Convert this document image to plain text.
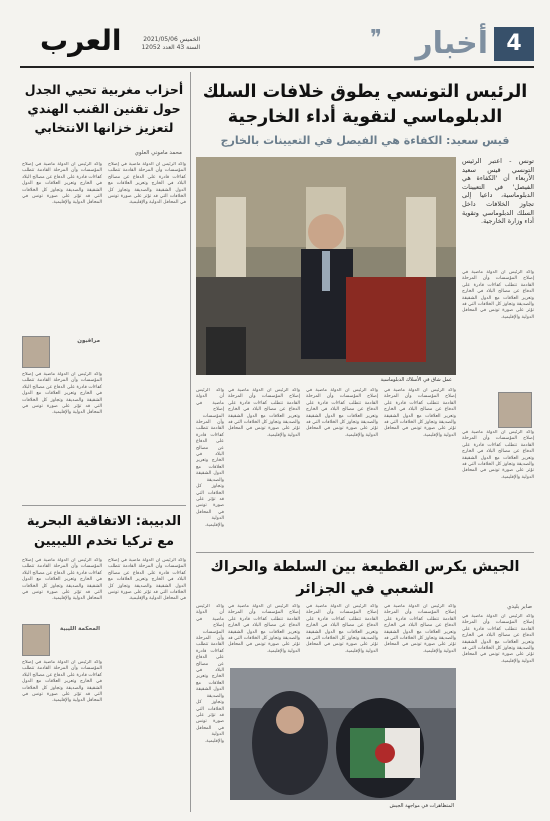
4
أخبار
❞
العرب	الخميس 2021/05/06
السنة 43 العدد 12052
الرئيس التونسي يطوق خلافات السلك
الدبلوماسي لتقوية أداء الخارجية
قيس سعيد: الكفاءة هي الفيصل في التعيينات بالخارج
تونس - اعتبر الرئيس التونسي قيس سعيد الأربعاء أن 'الكفاءة هي الفيصل' في التعيينات الدبلوماسية، داعيا إلى تجاوز الخلافات داخل السلك الدبلوماسي وتقوية أداء وزارة الخارجية.
عمل شاق في الأسلاك الدبلوماسية
وأكد الرئيس أن الدولة ماضية في إصلاح المؤسسات وأن المرحلة القادمة تتطلب كفاءات قادرة على الدفاع عن مصالح البلاد في الخارج وتعزيز العلاقات مع الدول الشقيقة والصديقة وتجاوز كل الخلافات التي قد تؤثر على صورة تونس في المحافل الدولية والإقليمية.
وأكد الرئيس أن الدولة ماضية في إصلاح المؤسسات وأن المرحلة القادمة تتطلب كفاءات قادرة على الدفاع عن مصالح البلاد في الخارج وتعزيز العلاقات مع الدول الشقيقة والصديقة وتجاوز كل الخلافات التي قد تؤثر على صورة تونس في المحافل الدولية والإقليمية.
وأكد الرئيس أن الدولة ماضية في إصلاح المؤسسات وأن المرحلة القادمة تتطلب كفاءات قادرة على الدفاع عن مصالح البلاد في الخارج وتعزيز العلاقات مع الدول الشقيقة والصديقة وتجاوز كل الخلافات التي قد تؤثر على صورة تونس في المحافل الدولية والإقليمية.
وأكد الرئيس أن الدولة ماضية في إصلاح المؤسسات وأن المرحلة القادمة تتطلب كفاءات قادرة على الدفاع عن مصالح البلاد في الخارج وتعزيز العلاقات مع الدول الشقيقة والصديقة وتجاوز كل الخلافات التي قد تؤثر على صورة تونس في المحافل الدولية والإقليمية.
وأكد الرئيس أن الدولة ماضية في إصلاح المؤسسات وأن المرحلة القادمة تتطلب كفاءات قادرة على الدفاع عن مصالح البلاد في الخارج وتعزيز العلاقات مع الدول الشقيقة والصديقة وتجاوز كل الخلافات التي قد تؤثر على صورة تونس في المحافل الدولية والإقليمية.
وأكد الرئيس أن الدولة ماضية في إصلاح المؤسسات وأن المرحلة القادمة تتطلب كفاءات قادرة على الدفاع عن مصالح البلاد في الخارج وتعزيز العلاقات مع الدول الشقيقة والصديقة وتجاوز كل الخلافات التي قد تؤثر على صورة تونس في المحافل الدولية والإقليمية.
أحزاب مغربية تحيي الجدل حول تقنين القنب الهندي لتعزيز خزانها الانتخابي
محمد ماموني العلوي
وأكد الرئيس أن الدولة ماضية في إصلاح المؤسسات وأن المرحلة القادمة تتطلب كفاءات قادرة على الدفاع عن مصالح البلاد في الخارج وتعزيز العلاقات مع الدول الشقيقة والصديقة وتجاوز كل الخلافات التي قد تؤثر على صورة تونس في المحافل الدولية والإقليمية.
وأكد الرئيس أن الدولة ماضية في إصلاح المؤسسات وأن المرحلة القادمة تتطلب كفاءات قادرة على الدفاع عن مصالح البلاد في الخارج وتعزيز العلاقات مع الدول الشقيقة والصديقة وتجاوز كل الخلافات التي قد تؤثر على صورة تونس في المحافل الدولية والإقليمية.
مراقبون
وأكد الرئيس أن الدولة ماضية في إصلاح المؤسسات وأن المرحلة القادمة تتطلب كفاءات قادرة على الدفاع عن مصالح البلاد في الخارج وتعزيز العلاقات مع الدول الشقيقة والصديقة وتجاوز كل الخلافات التي قد تؤثر على صورة تونس في المحافل الدولية والإقليمية.
الدبيبة: الاتفاقية البحرية مع تركيا تخدم الليبيين
وأكد الرئيس أن الدولة ماضية في إصلاح المؤسسات وأن المرحلة القادمة تتطلب كفاءات قادرة على الدفاع عن مصالح البلاد في الخارج وتعزيز العلاقات مع الدول الشقيقة والصديقة وتجاوز كل الخلافات التي قد تؤثر على صورة تونس في المحافل الدولية والإقليمية.
وأكد الرئيس أن الدولة ماضية في إصلاح المؤسسات وأن المرحلة القادمة تتطلب كفاءات قادرة على الدفاع عن مصالح البلاد في الخارج وتعزيز العلاقات مع الدول الشقيقة والصديقة وتجاوز كل الخلافات التي قد تؤثر على صورة تونس في المحافل الدولية والإقليمية.
المحكمة الليبية
وأكد الرئيس أن الدولة ماضية في إصلاح المؤسسات وأن المرحلة القادمة تتطلب كفاءات قادرة على الدفاع عن مصالح البلاد في الخارج وتعزيز العلاقات مع الدول الشقيقة والصديقة وتجاوز كل الخلافات التي قد تؤثر على صورة تونس في المحافل الدولية والإقليمية.
الجيش يكرس القطيعة بين السلطة والحراك
الشعبي في الجزائر
صابر بليدي
وأكد الرئيس أن الدولة ماضية في إصلاح المؤسسات وأن المرحلة القادمة تتطلب كفاءات قادرة على الدفاع عن مصالح البلاد في الخارج وتعزيز العلاقات مع الدول الشقيقة والصديقة وتجاوز كل الخلافات التي قد تؤثر على صورة تونس في المحافل الدولية والإقليمية.
وأكد الرئيس أن الدولة ماضية في إصلاح المؤسسات وأن المرحلة القادمة تتطلب كفاءات قادرة على الدفاع عن مصالح البلاد في الخارج وتعزيز العلاقات مع الدول الشقيقة والصديقة وتجاوز كل الخلافات التي قد تؤثر على صورة تونس في المحافل الدولية والإقليمية.
وأكد الرئيس أن الدولة ماضية في إصلاح المؤسسات وأن المرحلة القادمة تتطلب كفاءات قادرة على الدفاع عن مصالح البلاد في الخارج وتعزيز العلاقات مع الدول الشقيقة والصديقة وتجاوز كل الخلافات التي قد تؤثر على صورة تونس في المحافل الدولية والإقليمية.
وأكد الرئيس أن الدولة ماضية في إصلاح المؤسسات وأن المرحلة القادمة تتطلب كفاءات قادرة على الدفاع عن مصالح البلاد في الخارج وتعزيز العلاقات مع الدول الشقيقة والصديقة وتجاوز كل الخلافات التي قد تؤثر على صورة تونس في المحافل الدولية والإقليمية.
وأكد الرئيس أن الدولة ماضية في إصلاح المؤسسات وأن المرحلة القادمة تتطلب كفاءات قادرة على الدفاع عن مصالح البلاد في الخارج وتعزيز العلاقات مع الدول الشقيقة والصديقة وتجاوز كل الخلافات التي قد تؤثر على صورة تونس في المحافل الدولية والإقليمية.
المتظاهرات في مواجهة الجيش
